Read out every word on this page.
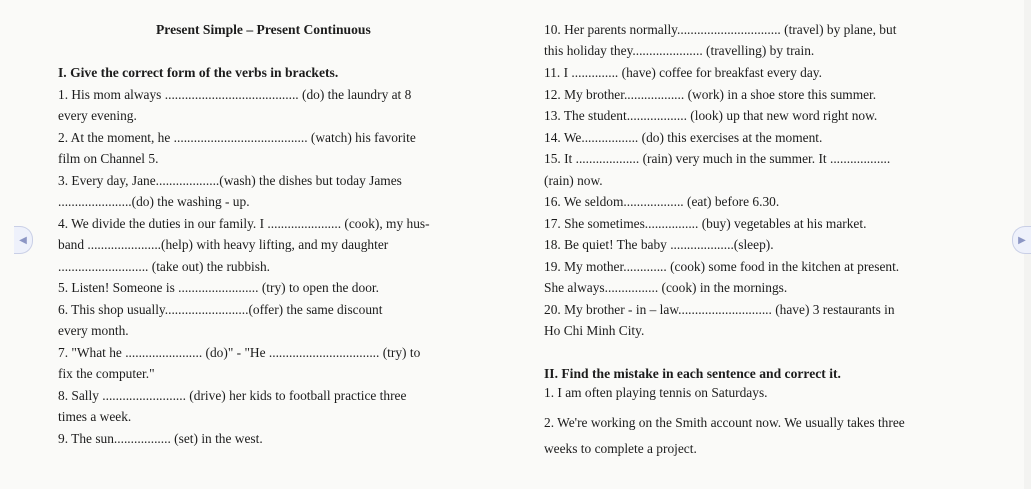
◀	▶
Present Simple – Present Continuous
I. Give the correct form of the verbs in brackets.
1. His mom always ........................................ (do) the laundry at 8
every evening.
2. At the moment, he ........................................ (watch) his favorite
film on Channel 5.
3. Every day, Jane...................(wash) the dishes but today James
......................(do) the washing - up.
4. We divide the duties in our family. I ...................... (cook), my hus-
band ......................(help) with heavy lifting, and my daughter
........................... (take out) the rubbish.
5. Listen! Someone is ........................ (try) to open the door.
6. This shop usually.........................(offer) the same discount
every month.
7. "What he ....................... (do)" - "He ................................. (try) to
fix the computer."
8. Sally ......................... (drive) her kids to football practice three
times a week.
9. The sun................. (set) in the west.
10. Her parents normally............................... (travel) by plane, but
this holiday they..................... (travelling) by train.
11. I .............. (have) coffee for breakfast every day.
12. My brother.................. (work) in a shoe store this summer.
13. The student.................. (look) up that new word right now.
14. We................. (do) this exercises at the moment.
15. It ................... (rain) very much in the summer. It ..................
(rain) now.
16. We seldom.................. (eat) before 6.30.
17. She sometimes................ (buy) vegetables at his market.
18. Be quiet! The baby ...................(sleep).
19. My mother............. (cook) some food in the kitchen at present.
She always................ (cook) in the mornings.
20. My brother - in – law............................ (have) 3 restaurants in
Ho Chi Minh City.
II. Find the mistake in each sentence and correct it.
1. I am often playing tennis on Saturdays.
2. We're working on the Smith account now. We usually takes three
weeks to complete a project.
